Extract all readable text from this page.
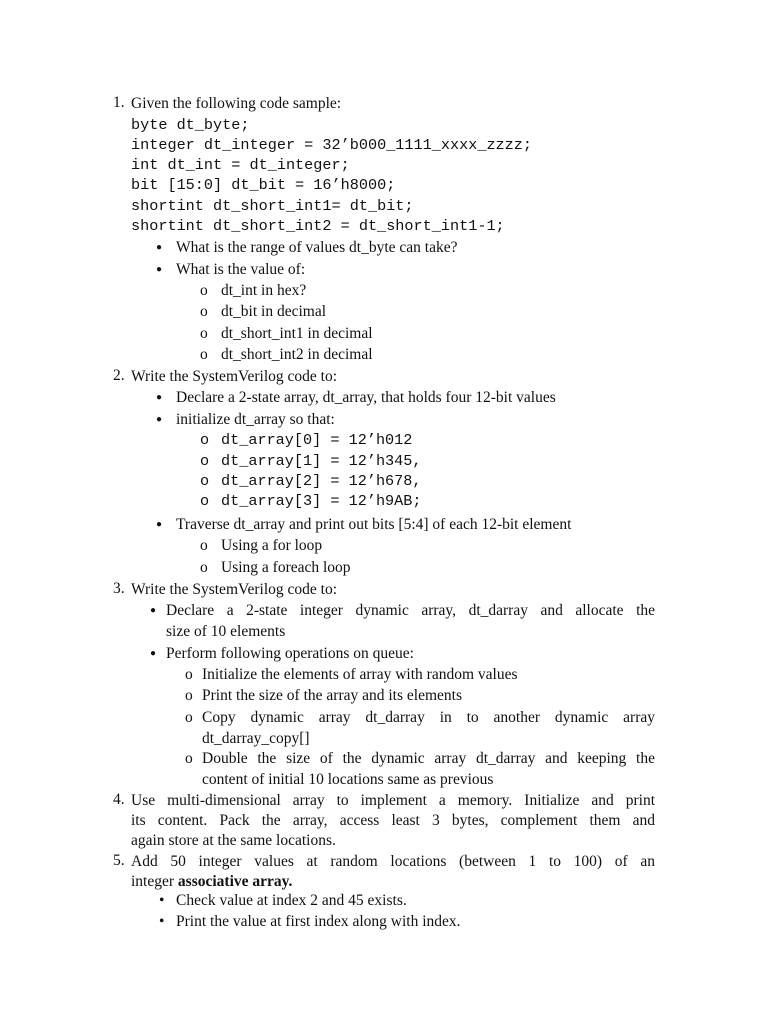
1. Given the following code sample:
byte dt_byte;
integer dt_integer = 32’b000_1111_xxxx_zzzz;
int dt_int = dt_integer;
bit [15:0] dt_bit = 16’h8000;
shortint dt_short_int1= dt_bit;
shortint dt_short_int2 = dt_short_int1-1;
● What is the range of values dt_byte can take?
● What is the value of:
o dt_int in hex?
o dt_bit in decimal
o dt_short_int1 in decimal
o dt_short_int2 in decimal
2. Write the SystemVerilog code to:
● Declare a 2-state array, dt_array, that holds four 12-bit values
● initialize dt_array so that:
o dt_array[0] = 12’h012
o dt_array[1] = 12’h345,
o dt_array[2] = 12’h678,
o dt_array[3] = 12’h9AB;
● Traverse dt_array and print out bits [5:4] of each 12-bit element
o Using a for loop
o Using a foreach loop
3. Write the SystemVerilog code to:
● Declare a 2-state integer dynamic array, dt_darray and allocate the
size of 10 elements
● Perform following operations on queue:
o Initialize the elements of array with random values
o Print the size of the array and its elements
o Copy dynamic array dt_darray in to another dynamic array
dt_darray_copy[]
o Double the size of the dynamic array dt_darray and keeping the
content of initial 10 locations same as previous
4. Use multi-dimensional array to implement a memory. Initialize and print
its content. Pack the array, access least 3 bytes, complement them and
again store at the same locations.
5. Add 50 integer values at random locations (between 1 to 100) of an
integer associative array.
• Check value at index 2 and 45 exists.
• Print the value at first index along with index.
